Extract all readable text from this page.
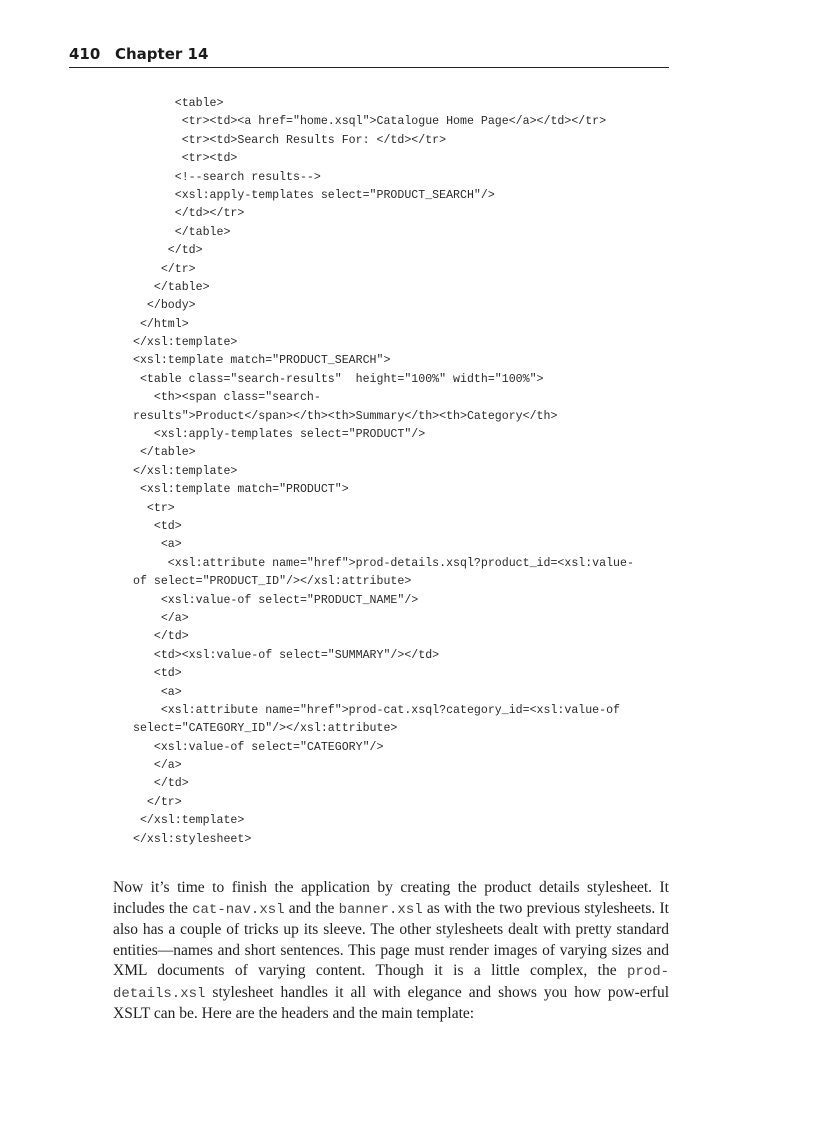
410 Chapter 14
<table>
<tr><td><a href="home.xsql">Catalogue Home Page</a></td></tr>
<tr><td>Search Results For: </td></tr>
<tr><td>
<!--search results-->
<xsl:apply-templates select="PRODUCT_SEARCH"/>
</td></tr>
</table>
</td>
</tr>
</table>
</body>
</html>
</xsl:template>
<xsl:template match="PRODUCT_SEARCH">
<table class="search-results"  height="100%" width="100%">
<th><span class="search-
results">Product</span></th><th>Summary</th><th>Category</th>
<xsl:apply-templates select="PRODUCT"/>
</table>
</xsl:template>
<xsl:template match="PRODUCT">
<tr>
<td>
<a>
<xsl:attribute name="href">prod-details.xsql?product_id=<xsl:value-
of select="PRODUCT_ID"/></xsl:attribute>
<xsl:value-of select="PRODUCT_NAME"/>
</a>
</td>
<td><xsl:value-of select="SUMMARY"/></td>
<td>
<a>
<xsl:attribute name="href">prod-cat.xsql?category_id=<xsl:value-of
select="CATEGORY_ID"/></xsl:attribute>
<xsl:value-of select="CATEGORY"/>
</a>
</td>
</tr>
</xsl:template>
</xsl:stylesheet>

Now it’s time to finish the application by creating the product details stylesheet. It includes the cat-nav.xsl and the banner.xsl as with the two previous stylesheets. It also has a couple of tricks up its sleeve. The other stylesheets dealt with pretty standard entities—names and short sentences. This page must render images of varying sizes and XML documents of varying content. Though it is a little complex, the prod-details.xsl stylesheet handles it all with elegance and shows you how pow-erful XSLT can be. Here are the headers and the main template:
